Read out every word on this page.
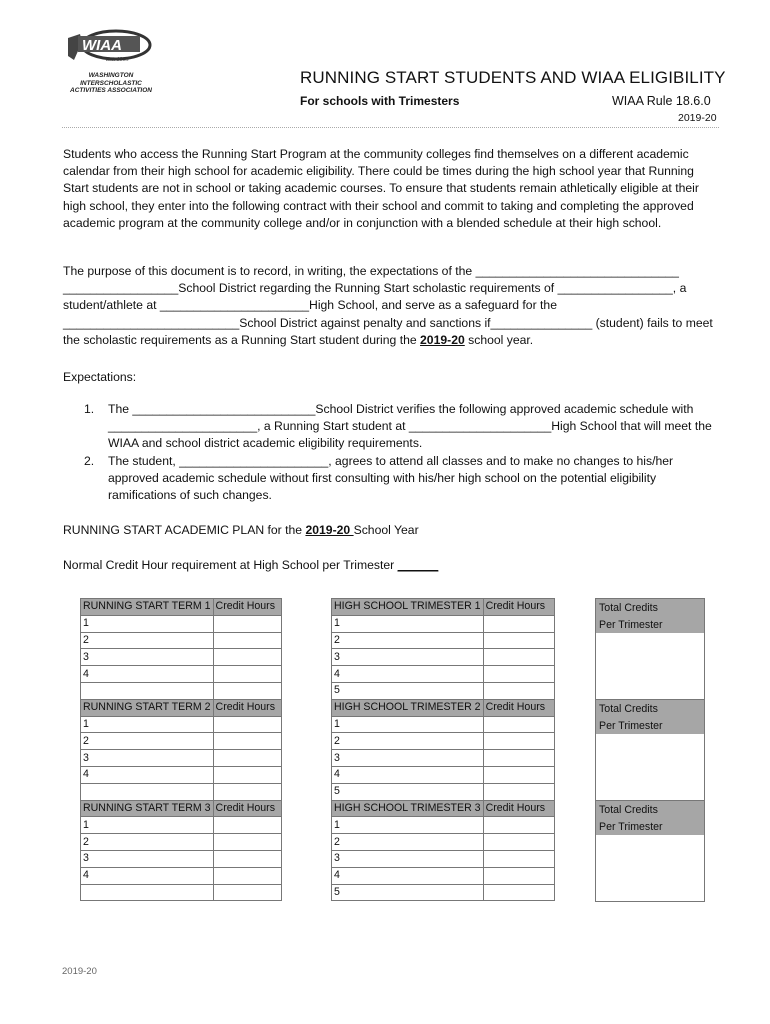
WIAA
Est. 1905
WASHINGTON INTERSCHOLASTIC
ACTIVITIES ASSOCIATION
RUNNING START STUDENTS AND WIAA ELIGIBILITY
For schools with Trimesters	WIAA Rule 18.6.0
2019-20
Students who access the Running Start Program at the community colleges find themselves on a different academic calendar from their high school for academic eligibility. There could be times during the high school year that Running Start students are not in school or taking academic courses. To ensure that students remain athletically eligible at their high school, they enter into the following contract with their school and commit to taking and completing the approved academic program at the community college and/or in conjunction with a blended schedule at their high school.
The purpose of this document is to record, in writing, the expectations of the ______________________________ _________________School District regarding the Running Start scholastic requirements of _________________, a student/athlete at ______________________High School, and serve as a safeguard for the __________________________School District against penalty and sanctions if_______________ (student) fails to meet the scholastic requirements as a Running Start student during the 2019-20 school year.
Expectations:
1. The ___________________________School District verifies the following approved academic schedule with ______________________, a Running Start student at _____________________High School that will meet the WIAA and school district academic eligibility requirements.
2. The student, ______________________, agrees to attend all classes and to make no changes to his/her approved academic schedule without first consulting with his/her high school on the potential eligibility ramifications of such changes.
RUNNING START ACADEMIC PLAN for the 2019-20 School Year
Normal Credit Hour requirement at High School per Trimester ______
RUNNING START TERM 1	Credit Hours
1	
2	
3	
4	

RUNNING START TERM 2	Credit Hours
1	
2	
3	
4	

RUNNING START TERM 3	Credit Hours
1	
2	
3	
4	

HIGH SCHOOL TRIMESTER 1	Credit Hours
1	
2	
3	
4	
5	
HIGH SCHOOL TRIMESTER 2	Credit Hours
1	
2	
3	
4	
5	
HIGH SCHOOL TRIMESTER 3	Credit Hours
1	
2	
3	
4	
5	
Total Credits
Per Trimester
Total Credits
Per Trimester
Total Credits
Per Trimester
2019-20
